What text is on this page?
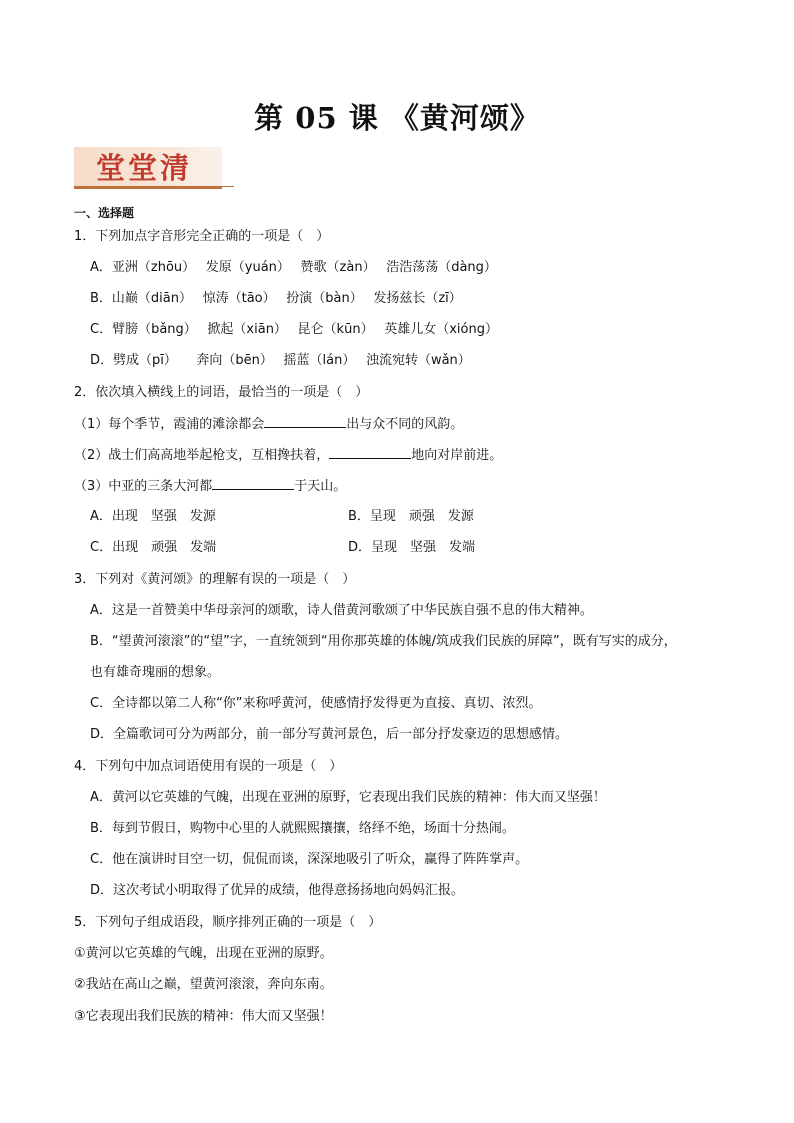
第 05 课 《黄河颂》
堂堂清
一、选择题
1．下列加点字音形完全正确的一项是（　）
A．亚洲（zhōu）　 发原（yuán）　 赞歌（zàn）　 浩浩荡荡（dàng）
B．山巅（diān）　 惊涛（tāo）　 扮演（bàn）　 发扬兹长（zī）
C．臂膀（bǎng）　 掀起（xiān）　 昆仑（kūn）　 英雄儿女（xióng）
D．劈成（pī）　　奔向（bēn）　 摇蓝（lán）　 浊流宛转（wǎn）
2．依次填入横线上的词语，最恰当的一项是（　）
（1）每个季节，霞浦的滩涂都会	出与众不同的风韵。
（2）战士们高高地举起枪支，互相搀扶着，	地向对岸前进。
（3）中亚的三条大河都	于天山。
A．出现　坚强　发源	B．呈现　顽强　发源
C．出现　顽强　发端	D．呈现　坚强　发端
3．下列对《黄河颂》的理解有误的一项是（　）
A．这是一首赞美中华母亲河的颂歌，诗人借黄河歌颂了中华民族自强不息的伟大精神。
B．“望黄河滚滚”的“望”字，一直统领到“用你那英雄的体魄/筑成我们民族的屏障”，既有写实的成分，
也有雄奇瑰丽的想象。
C．全诗都以第二人称“你”来称呼黄河，使感情抒发得更为直接、真切、浓烈。
D．全篇歌词可分为两部分，前一部分写黄河景色，后一部分抒发豪迈的思想感情。
4．下列句中加点词语使用有误的一项是（　）
A．黄河以它英雄的气魄，出现在亚洲的原野，它表现出我们民族的精神：伟大而又坚强！
B．每到节假日，购物中心里的人就熙熙攘攘，络绎不绝，场面十分热闹。
C．他在演讲时目空一切，侃侃而谈，深深地吸引了听众，赢得了阵阵掌声。
D．这次考试小明取得了优异的成绩，他得意扬扬地向妈妈汇报。
5．下列句子组成语段，顺序排列正确的一项是（　）
①黄河以它英雄的气魄，出现在亚洲的原野。
②我站在高山之巅，望黄河滚滚，奔向东南。
③它表现出我们民族的精神：伟大而又坚强！
